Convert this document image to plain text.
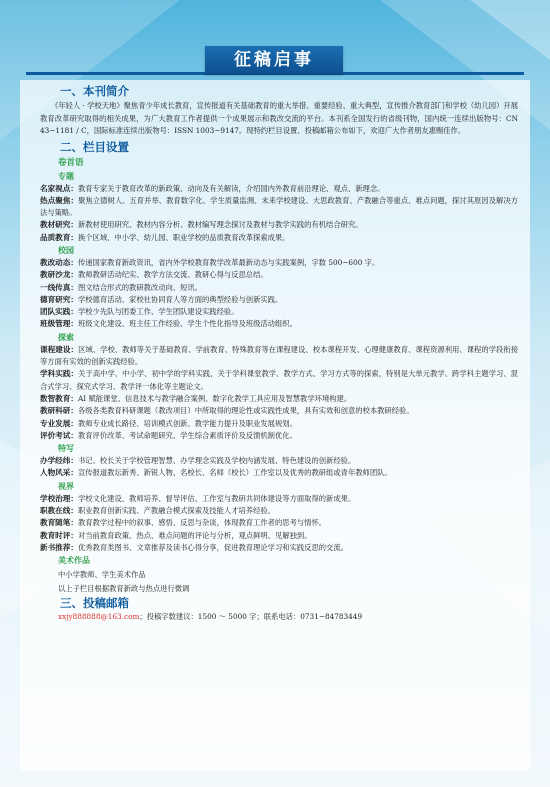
征稿启事
一、本刊简介
《年轻人 · 学校天地》聚焦青少年成长教育，宣传报道有关基础教育的重大举措、重要经验、重大典型，宣传推介教育部门和学校（幼儿园）开展教育改革研究取得的相关成果，为广大教育工作者提供一个成果展示和教改交流的平台。本刊系全国发行的省级刊物，国内统一连续出版物号：CN 43−1181 / C，国际标准连续出版物号：ISSN 1003−9147。现特约栏目设置、投稿邮箱公布如下，欢迎广大作者朋友惠赐佳作。
二、栏目设置
卷首语
专题
名家视点：教育专家关于教育改革的新政策、动向及有关解读，介绍国内外教育前沿理论、观点、新理念。
热点聚焦：聚焦立德树人、五育并举、教育数字化、学生质量监测、未来学校建设、大思政教育、产教融合等重点、难点问题，探讨其原因及解决方法与策略。
教材研究：新教材使用研究、教材内容分析、教材编写理念探讨及教材与教学实践的有机结合研究。
品质教育：换个区域、中小学、幼儿园、职业学校的品质教育改革探索成果。
校园
教改动态：传递国家教育新政资讯，省内外学校教育教学改革最新动态与实践案例，字数 500−600 字。
教研沙龙：教师教研活动纪实、教学方法交流、教研心得与反思总结。
一线传真：图文结合形式的教研教改动向、短讯。
德育研究：学校德育活动、家校社协同育人等方面的典型经验与创新实践。
团队实践：学校少先队与团委工作、学生团队建设实践经验。
班级管理：班级文化建设、班主任工作经验、学生个性化指导及班级活动组织。
探索
课程建设：区域、学校、教师等关于基础教育、学前教育、特殊教育等在课程建设、校本课程开发、心理健康教育、课程资源利用、课程的学段衔接等方面有实效的创新实践经验。
学科实践：关于高中学、中小学、初中学的学科实践，关于学科课堂教学、教学方式、学习方式等的探索，特别是大单元教学、跨学科主题学习、混合式学习、探究式学习、教学评一体化等主题论文。
数智教育：AI 赋能课堂、信息技术与教学融合案例、数字化教学工具应用及智慧教学环境构建。
教研科研：各级各类教育科研课题（教改项目）中所取得的理论性或实践性成果，具有实效和创意的校本教研经验。
专业发展：教师专业成长路径、培训模式创新、教学能力提升及职业发展规划。
评价考试：教育评价改革、考试命题研究、学生综合素质评价及反馈机制优化。
特写
办学经纬：书记、校长关于学校管理智慧、办学理念实践及学校内涵发展、特色建设的创新经验。
人物风采：宣传报道教坛新秀、新锐人物、名校长、名师（校长）工作室以及优秀的教研组或青年教师团队。
视界
学校治理：学校文化建设、教师培养、督导评估、工作室与教研共同体建设等方面取得的新成果。
职教在线：职业教育创新实践、产教融合模式探索及技能人才培养经验。
教育随笔：教育教学过程中的叙事、感悟、反思与杂谈，体现教育工作者的思考与情怀。
教育时评：对当前教育政策、热点、难点问题的评论与分析，观点鲜明、见解独到。
新书推荐：优秀教育类图书、文章推荐及读书心得分享，促进教育理论学习和实践反思的交流。
美术作品
中小学教师、学生美术作品
以上子栏目根据教育新政与热点进行微调
三、投稿邮箱
xxjy888888@163.com；投稿字数建议：1500 ～ 5000 字；联系电话：0731−84783449
